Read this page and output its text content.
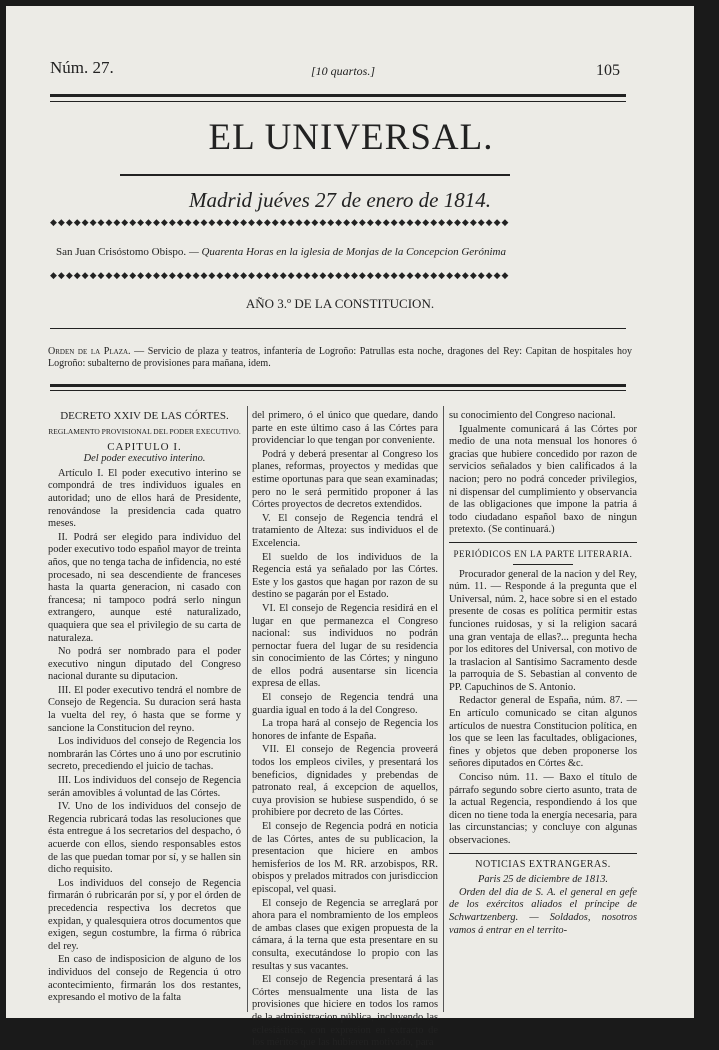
Núm. 27.	[10 quartos.]	105
EL UNIVERSAL.
Madrid juéves 27 de enero de 1814.
◆◆◆◆◆◆◆◆◆◆◆◆◆◆◆◆◆◆◆◆◆◆◆◆◆◆◆◆◆◆◆◆◆◆◆◆◆◆◆◆◆◆◆◆◆◆◆◆◆◆◆◆◆◆◆◆◆◆
San Juan Crisóstomo Obispo. — Quarenta Horas en la iglesia de Monjas de la Concepcion Gerónima
◆◆◆◆◆◆◆◆◆◆◆◆◆◆◆◆◆◆◆◆◆◆◆◆◆◆◆◆◆◆◆◆◆◆◆◆◆◆◆◆◆◆◆◆◆◆◆◆◆◆◆◆◆◆◆◆◆◆
AÑO 3.º DE LA CONSTITUCION.
Orden de la Plaza. — Servicio de plaza y teatros, infantería de Logroño: Patrullas esta noche, dragones del Rey: Capitan de hospitales hoy Logroño: subalterno de provisiones para mañana, idem.
DECRETO XXIV DE LAS CÓRTES.
REGLAMENTO PROVISIONAL DEL PODER EXECUTIVO.
CAPITULO I.
Del poder executivo interino.

Artículo I. El poder executivo interino se compondrá de tres individuos iguales en autoridad; uno de ellos hará de Presidente, renovándose la presidencia cada quatro meses.

II. Podrá ser elegido para individuo del poder executivo todo español mayor de treinta años, que no tenga tacha de infidencia, no esté procesado, ni sea descendiente de franceses hasta la quarta generacion, ni casado con francesa; ni tampoco podrá serlo ningun extrangero, aunque esté naturalizado, quaquiera que sea el privilegio de su carta de naturaleza.

No podrá ser nombrado para el poder executivo ningun diputado del Congreso nacional durante su diputacion.

III. El poder executivo tendrá el nombre de Consejo de Regencia. Su duracion será hasta la vuelta del rey, ó hasta que se forme y sancione la Constitucion del reyno.

Los individuos del consejo de Regencia los nombrarán las Córtes uno á uno por escrutinio secreto, precediendo el juicio de tachas.

III. Los individuos del consejo de Regencia serán amovibles á voluntad de las Córtes.

IV. Uno de los individuos del consejo de Regencia rubricará todas las resoluciones que ésta entregue á los secretarios del despacho, ó acuerde con ellos, siendo responsables estos de las que puedan tomar por sí, y se hallen sin dicho requisito.

Los individuos del consejo de Regencia firmarán ó rubricarán por sí, y por el órden de precedencia respectiva los decretos que expidan, y qualesquiera otros documentos que exigen, segun costumbre, la firma ó rúbrica del rey.

En caso de indisposicion de alguno de los individuos del consejo de Regencia ú otro acontecimiento, firmarán los dos restantes, expresando el motivo de la falta

del primero, ó el único que quedare, dando parte en este último caso á las Córtes para providenciar lo que tengan por conveniente.

Podrá y deberá presentar al Congreso los planes, reformas, proyectos y medidas que estime oportunas para que sean examinadas; pero no le será permitido proponer á las Córtes proyectos de decretos extendidos.

V. El consejo de Regencia tendrá el tratamiento de Alteza: sus individuos el de Excelencia.

El sueldo de los individuos de la Regencia está ya señalado por las Córtes. Este y los gastos que hagan por razon de su destino se pagarán por el Estado.

VI. El consejo de Regencia residirá en el lugar en que permanezca el Congreso nacional: sus individuos no podrán pernoctar fuera del lugar de su residencia sin conocimiento de las Córtes; y ninguno de ellos podrá ausentarse sin licencia expresa de ellas.

El consejo de Regencia tendrá una guardia igual en todo á la del Congreso.

La tropa hará al consejo de Regencia los honores de infante de España.

VII. El consejo de Regencia proveerá todos los empleos civiles, y presentará los beneficios, dignidades y prebendas de patronato real, á excepcion de aquellos, cuya provision se hubiese suspendido, ó se prohibiere por decreto de las Córtes.

El consejo de Regencia podrá en noticia de las Córtes, antes de su publicacion, la presentacion que hiciere en ambos hemisferios de los M. RR. arzobispos, RR. obispos y prelados mitrados con jurisdiccion episcopal, vel quasi.

El consejo de Regencia se arreglará por ahora para el nombramiento de los empleos de ambas clases que exigen propuesta de la cámara, á la terna que esta presentare en su consulta, executándose lo propio con las resultas y sus vacantes.

El consejo de Regencia presentará á las Córtes mensualmente una lista de las provisiones que hiciere en todos los ramos de la administracion pública, incluyendo las eclesiásticas, con expresion en extracto de los méritos que las hubieren motivado, para

su conocimiento del Congreso nacional.

Igualmente comunicará á las Córtes por medio de una nota mensual los honores ó gracias que hubiere concedido por razon de servicios señalados y bien calificados á la nacion; pero no podrá conceder privilegios, ni dispensar del cumplimiento y observancia de las obligaciones que impone la patria á todo ciudadano español baxo de ningun pretexto. (Se continuará.)

PERIÓDICOS EN LA PARTE LITERARIA.

Procurador general de la nacion y del Rey, núm. 11. — Responde á la pregunta que el Universal, núm. 2, hace sobre si en el estado presente de cosas es política permitir estas funciones ruidosas, y si la religion sacará una gran ventaja de ellas?... pregunta hecha por los editores del Universal, con motivo de la traslacion al Santísimo Sacramento desde la parroquia de S. Sebastian al convento de PP. Capuchinos de S. Antonio.

Redactor general de España, núm. 87. — En artículo comunicado se citan algunos artículos de nuestra Constitucion política, en los que se leen las facultades, obligaciones, fines y objetos que deben proponerse los señores diputados en Córtes &c.

Conciso núm. 11. — Baxo el título de párrafo segundo sobre cierto asunto, trata de la actual Regencia, respondiendo á los que dicen no tiene toda la energía necesaria, para las circunstancias; y concluye con algunas observaciones.

NOTICIAS EXTRANGERAS.
Paris 25 de diciembre de 1813.

Orden del dia de S. A. el general en gefe de los exércitos aliados el príncipe de Schwartzenberg. — Soldados, nosotros vamos á entrar en el territo-
